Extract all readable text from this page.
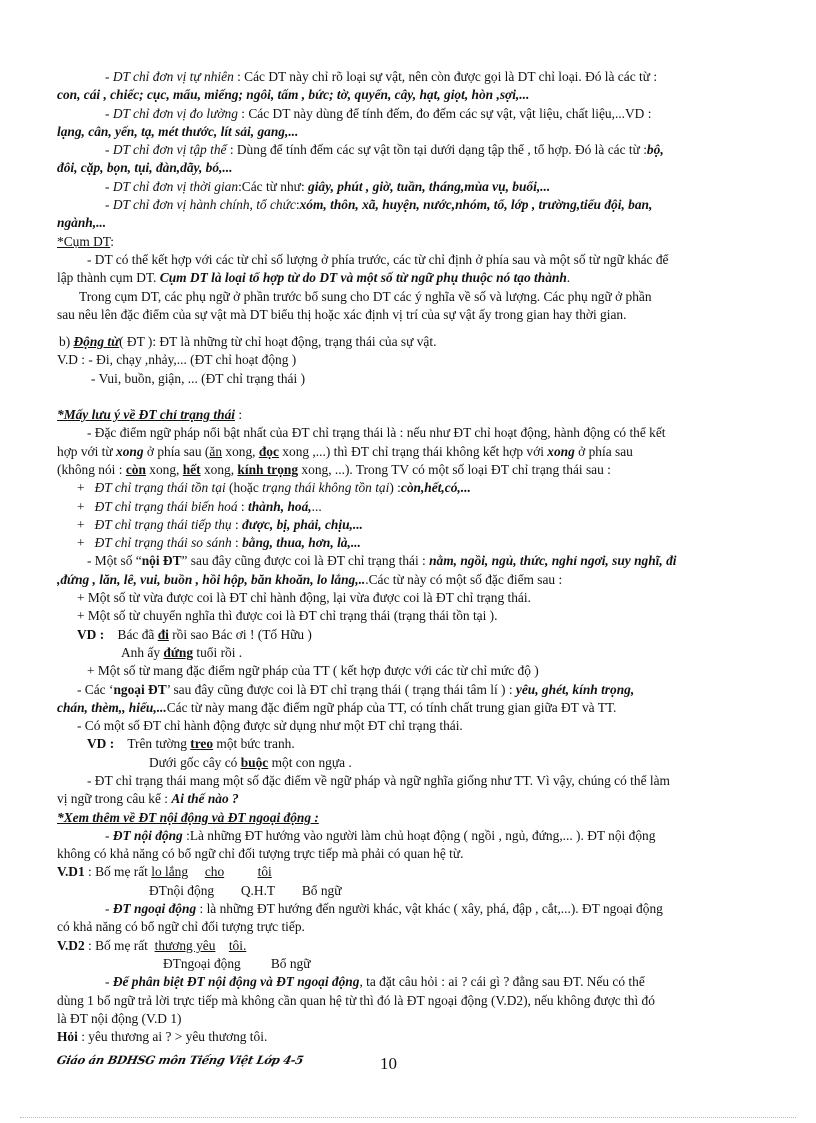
- DT chỉ đơn vị tự nhiên : Các DT này chỉ rõ loại sự vật, nên còn được gọi là DT chỉ loại. Đó là các từ :
con, cái , chiếc; cục, mẩu, miếng; ngôi, tấm , bức; tờ, quyển, cây, hạt, giọt, hòn ,sợi,...
- DT chỉ đơn vị đo lường : Các DT này dùng để tính đếm, đo đếm các sự vật, vật liệu, chất liệu,...VD :
lạng, cân, yến, tạ, mét thước, lít sải, gang,...
- DT chỉ đơn vị tập thể : Dùng để tính đếm các sự vật tồn tại dưới dạng tập thể , tổ hợp. Đó là các từ :bộ,
đôi, cặp, bọn, tụi, đàn,dãy, bó,...
- DT chỉ đơn vị thời gian:Các từ như: giây, phút , giờ, tuần, tháng,mùa vụ, buổi,...
- DT chỉ đơn vị hành chính, tổ chức:xóm, thôn, xã, huyện, nước,nhóm, tổ, lớp , trường,tiểu đội, ban,
ngành,...
*Cụm DT:
- DT có thể kết hợp với các từ chỉ số lượng ở phía trước, các từ chỉ định ở phía sau và một số từ ngữ khác để
lập thành cụm DT. Cụm DT là loại tổ hợp từ do DT và một số từ ngữ phụ thuộc nó tạo thành.
Trong cụm DT, các phụ ngữ ở phần trước bổ sung cho DT các ý nghĩa về số và lượng. Các phụ ngữ ở phần
sau nêu lên đặc điểm của sự vật mà DT biểu thị hoặc xác định vị trí của sự vật ấy trong gian hay thời gian.
b) Động từ( ĐT ): ĐT là những từ chỉ hoạt động, trạng thái của sự vật.
V.D : - Đi, chạy ,nhảy,... (ĐT chỉ hoạt động )
- Vui, buồn, giận, ... (ĐT chỉ trạng thái )
*Mấy lưu ý về ĐT chỉ trạng thái :
- Đặc điểm ngữ pháp nổi bật nhất của ĐT chỉ trạng thái là : nếu như ĐT chỉ hoạt động, hành động có thể kết
hợp với từ xong ở phía sau (ăn xong, đọc xong ,...) thì ĐT chỉ trạng thái không kết hợp với xong ở phía sau
(không nói : còn xong, hết xong, kính trọng xong, ...). Trong TV có một số loại ĐT chỉ trạng thái sau :
+ ĐT chỉ trạng thái tồn tại (hoặc trạng thái không tồn tại) :còn,hết,có,...
+ ĐT chỉ trạng thái biến hoá : thành, hoá,...
+ ĐT chỉ trạng thái tiếp thụ : được, bị, phải, chịu,...
+ ĐT chỉ trạng thái so sánh : bằng, thua, hơn, là,...
- Một số “nội ĐT” sau đây cũng được coi là ĐT chỉ trạng thái : nằm, ngồi, ngủ, thức, nghỉ ngơi, suy nghĩ, đi
,đứng , lăn, lê, vui, buồn , hồi hộp, băn khoăn, lo lắng,...Các từ này có một số đặc điểm sau :
+ Một số từ vừa được coi là ĐT chỉ hành động, lại vừa được coi là ĐT chỉ trạng thái.
+ Một số từ chuyển nghĩa thì được coi là ĐT chỉ trạng thái (trạng thái tồn tại ).
VD : Bác đã đi rồi sao Bác ơi ! (Tố Hữu )
Anh ấy đứng tuổi rồi .
+ Một số từ mang đặc điểm ngữ pháp của TT ( kết hợp được với các từ chỉ mức độ )
- Các ‘ngoại ĐT’ sau đây cũng được coi là ĐT chỉ trạng thái ( trạng thái tâm lí ) : yêu, ghét, kính trọng,
chán, thèm,, hiểu,...Các từ này mang đặc điểm ngữ pháp của TT, có tính chất trung gian giữa ĐT và TT.
- Có một số ĐT chỉ hành động được sử dụng như một ĐT chỉ trạng thái.
VD : Trên tường treo một bức tranh.
Dưới gốc cây có buộc một con ngựa .
- ĐT chỉ trạng thái mang một số đặc điểm về ngữ pháp và ngữ nghĩa giống như TT. Vì vậy, chúng có thể làm
vị ngữ trong câu kể : Ai thế nào ?
*Xem thêm về ĐT nội động và ĐT ngoại động :
- ĐT nội động :Là những ĐT hướng vào người làm chủ hoạt động ( ngồi , ngủ, đứng,... ). ĐT nội động
không có khả năng có bổ ngữ chỉ đối tượng trực tiếp mà phải có quan hệ từ.
V.D1 : Bố mẹ rất lo lắng cho tôi
ĐTnội động Q.H.T Bổ ngữ
- ĐT ngoại động : là những ĐT hướng đến người khác, vật khác ( xây, phá, đập , cắt,...). ĐT ngoại động
có khả năng có bổ ngữ chỉ đối tượng trực tiếp.
V.D2 : Bố mẹ rất  thương yêu tôi.
ĐTngoại động Bổ ngữ
- Để phân biệt ĐT nội động và ĐT ngoại động, ta đặt câu hỏi : ai ? cái gì ? đằng sau ĐT. Nếu có thể
dùng 1 bổ ngữ trả lời trực tiếp mà không cần quan hệ từ thì đó là ĐT ngoại động (V.D2), nếu không được thì đó
là ĐT nội động (V.D 1)
Hỏi : yêu thương ai ? > yêu thương tôi.
Giáo án BDHSG môn Tiếng Việt Lớp 4-5	10
